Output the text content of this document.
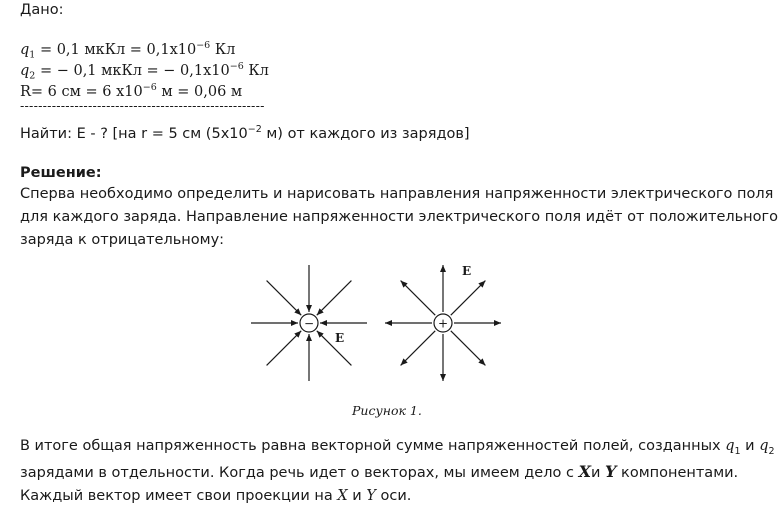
Дано:
$q_1 = 0,1$ мкКл = $0,1x10^{-6}$ Кл
$q_2$ = − 0,1 мкКл = − $0,1x10^{-6}$ Кл
R= 6 см = 6 $x10^{-6}$ м = 0,06 м
------------------------------------------------------
Найти: E - ? [на r = 5 см ($5x10^{-2}$ м) от каждого из зарядов]
Решение:
Сперва необходимо определить и нарисовать направления напряженности электрического поля
для каждого заряда. Направление напряженности электрического поля идёт от положительного
заряда к отрицательному:
−
E
+
E
Рисунок 1.
В итоге общая напряженность равна векторной сумме напряженностей полей, созданных $q_1$ и $q_2$
зарядами в отдельности. Когда речь идет о векторах, мы имеем дело с Xи Y компонентами.
Каждый вектор имеет свои проекции на X и Y оси.
